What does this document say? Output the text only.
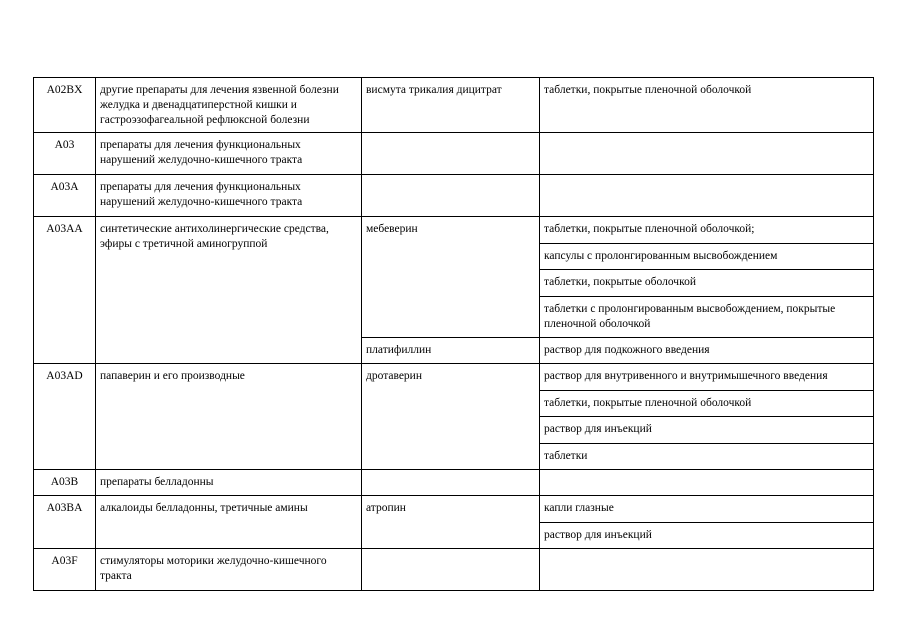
A02BX	другие препараты для лечения язвенной болезни желудка и двенадцатиперстной кишки и гастроэзофагеальной рефлюксной болезни	висмута трикалия дицитрат	таблетки, покрытые пленочной оболочкой
A03	препараты для лечения функциональных нарушений желудочно-кишечного тракта		
A03A	препараты для лечения функциональных нарушений желудочно-кишечного тракта		
A03AA	синтетические антихолинергические средства, эфиры с третичной аминогруппой	мебеверин	таблетки, покрытые пленочной оболочкой;
			капсулы с пролонгированным высвобождением
			таблетки, покрытые оболочкой
			таблетки с пролонгированным высвобождением, покрытые пленочной оболочкой
		платифиллин	раствор для подкожного введения
A03AD	папаверин и его производные	дротаверин	раствор для внутривенного и внутримышечного введения
			таблетки, покрытые пленочной оболочкой
			раствор для инъекций
			таблетки
A03B	препараты белладонны		
A03BA	алкалоиды белладонны, третичные амины	атропин	капли глазные
			раствор для инъекций
A03F	стимуляторы моторики желудочно-кишечного тракта		
